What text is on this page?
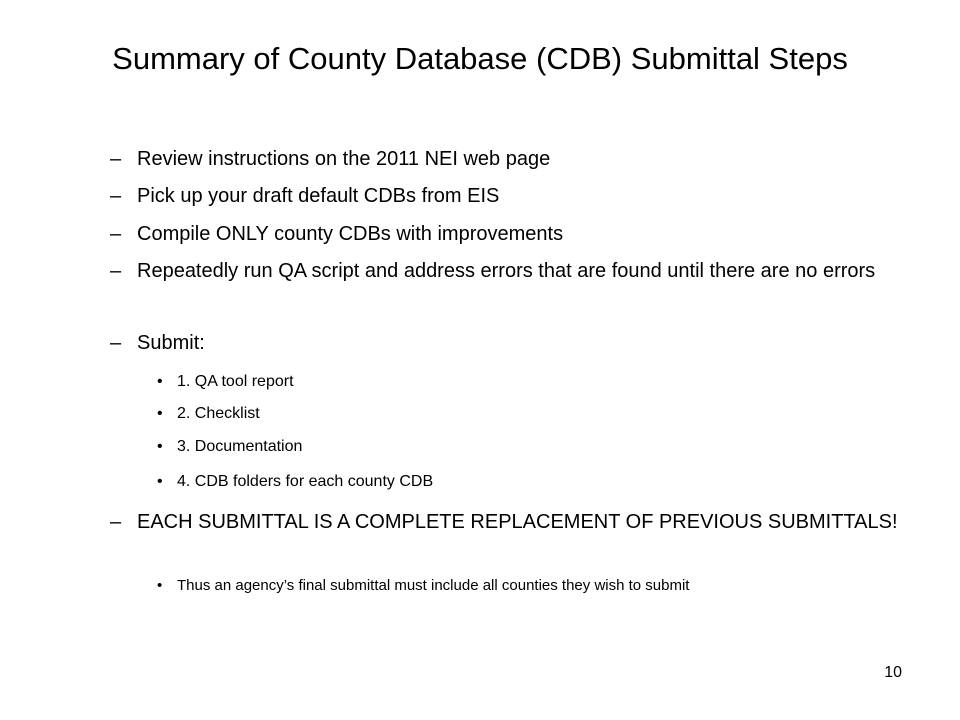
Summary of County Database (CDB) Submittal Steps
– Review instructions on the 2011 NEI web page
– Pick up your draft default CDBs from EIS
– Compile ONLY county CDBs with improvements
– Repeatedly run QA script and address errors that are found until there are no errors
– Submit:
• 1. QA tool report
• 2. Checklist
• 3. Documentation
• 4. CDB folders for each county CDB
– EACH SUBMITTAL IS A COMPLETE REPLACEMENT OF PREVIOUS SUBMITTALS!
• Thus an agency’s final submittal must include all counties they wish to submit
10
